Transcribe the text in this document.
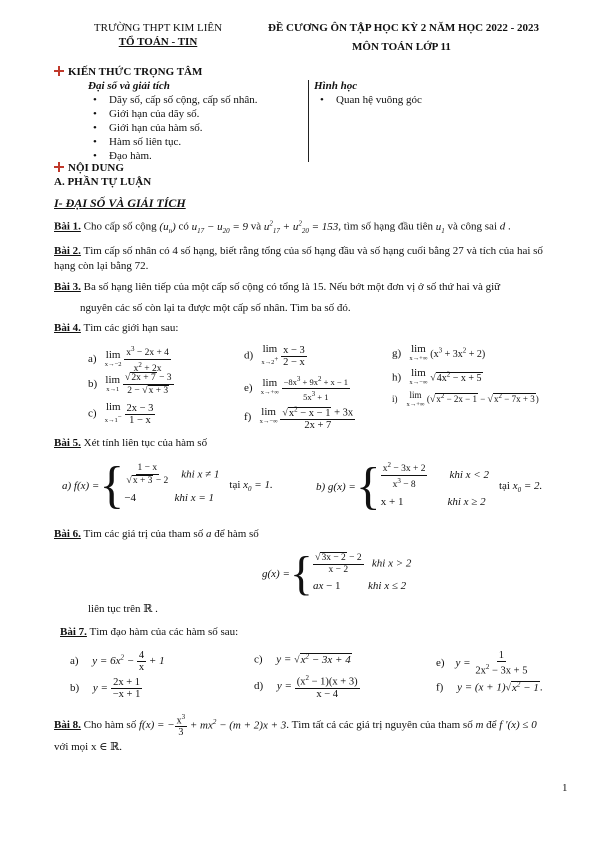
TRƯỜNG THPT KIM LIÊN
TỔ TOÁN - TIN
ĐỀ CƯƠNG ÔN TẬP HỌC KỲ 2 NĂM HỌC 2022 - 2023
MÔN TOÁN LỚP 11
KIẾN THỨC TRỌNG TÂM
Đại số và giải tích
• Dãy số, cấp số cộng, cấp số nhân.
• Giới hạn của dãy số.
• Giới hạn của hàm số.
• Hàm số liên tục.
• Đạo hàm.
Hình học
• Quan hệ vuông góc
NỘI DUNG
A. PHẦN TỰ LUẬN
I- ĐẠI SỐ VÀ GIẢI TÍCH
Bài 1. Cho cấp số cộng $(u_n)$ có $u_{17} - u_{20} = 9$ và $u^2_{17} + u^2_{20} = 153$, tìm số hạng đầu tiên $u_1$ và công sai d .
Bài 2. Tìm cấp số nhân có 4 số hạng, biết rằng tổng của số hạng đầu và số hạng cuối bằng 27 và tích của hai số hạng còn lại bằng 72.
Bài 3. Ba số hạng liên tiếp của một cấp số cộng có tổng là 15. Nếu bớt một đơn vị ở số thứ hai và giữ
nguyên các số còn lại ta được một cấp số nhân. Tìm ba số đó.
Bài 4. Tìm các giới hạn sau:
a) lim
x→−2
$\frac{x^3 - 2x + 4}{x^2 + 2x}$
b) lim
x→1
$\frac{√2x + 7 - 3}{2 - √x + 3}$
c)
lim
x→1−
$\frac{2x - 3}{1 - x}$
d)
lim
x→2+
$\frac{x - 3}{2 - x}$
e) lim
x→+∞
$\frac{-8x^3 + 9x^2 + x - 1}{5x^3 + 1}$
f) lim
x→−∞
$\frac{√x^2 - x - 1 + 3x}{2x + 7}$
g) lim
x→+∞ $(x^3 + 3x^2 + 2)$
h) lim
x→−∞ $√4x^2 - x + 5$
i) lim
x→+∞
$(√x^2 - 2x - 1 - √x^2 - 7x + 3)$
Bài 5. Xét tính liên tục của hàm số
a) f(x) = { $\frac{1 - x}{√x + 3 - 2}$ khi x ≠ 1
−4              khi x = 1
tại $x_0 = 1$.	b) g(x) = { $\frac{x^2 - 3x + 2}{x^3 - 8}$ khi x < 2
x + 1                khi x ≥ 2
tại $x_0 = 2$.
Bài 6. Tìm các giá trị của tham số a để hàm số
g(x) = { $\frac{√3x - 2 - 2}{x - 2}$ khi x > 2
ax − 1          khi x ≤ 2
liên tục trên ℝ .
Bài 7. Tìm đạo hàm của các hàm số sau:
a)     $y = 6x^2 - \frac{4}{x} + 1$
b)     $y = \frac{2x + 1}{-x + 1}$
c)     $y = √x^2 - 3x + 4$
d)     $y = \frac{(x^2 - 1)(x + 3)}{x - 4}$
e)    $y = \frac{1}{2x^2 - 3x + 5}$
f)     $y = (x + 1)√x^2 - 1$.
Bài 8.
Cho hàm số
f(x) = − $\frac{x^3}{3} + mx^2 - (m + 2)x + 3$ . Tìm tất cả các giá trị nguyên của tham số
m
để
f '(x) ≤ 0
với mọi x ∈ ℝ.
1
